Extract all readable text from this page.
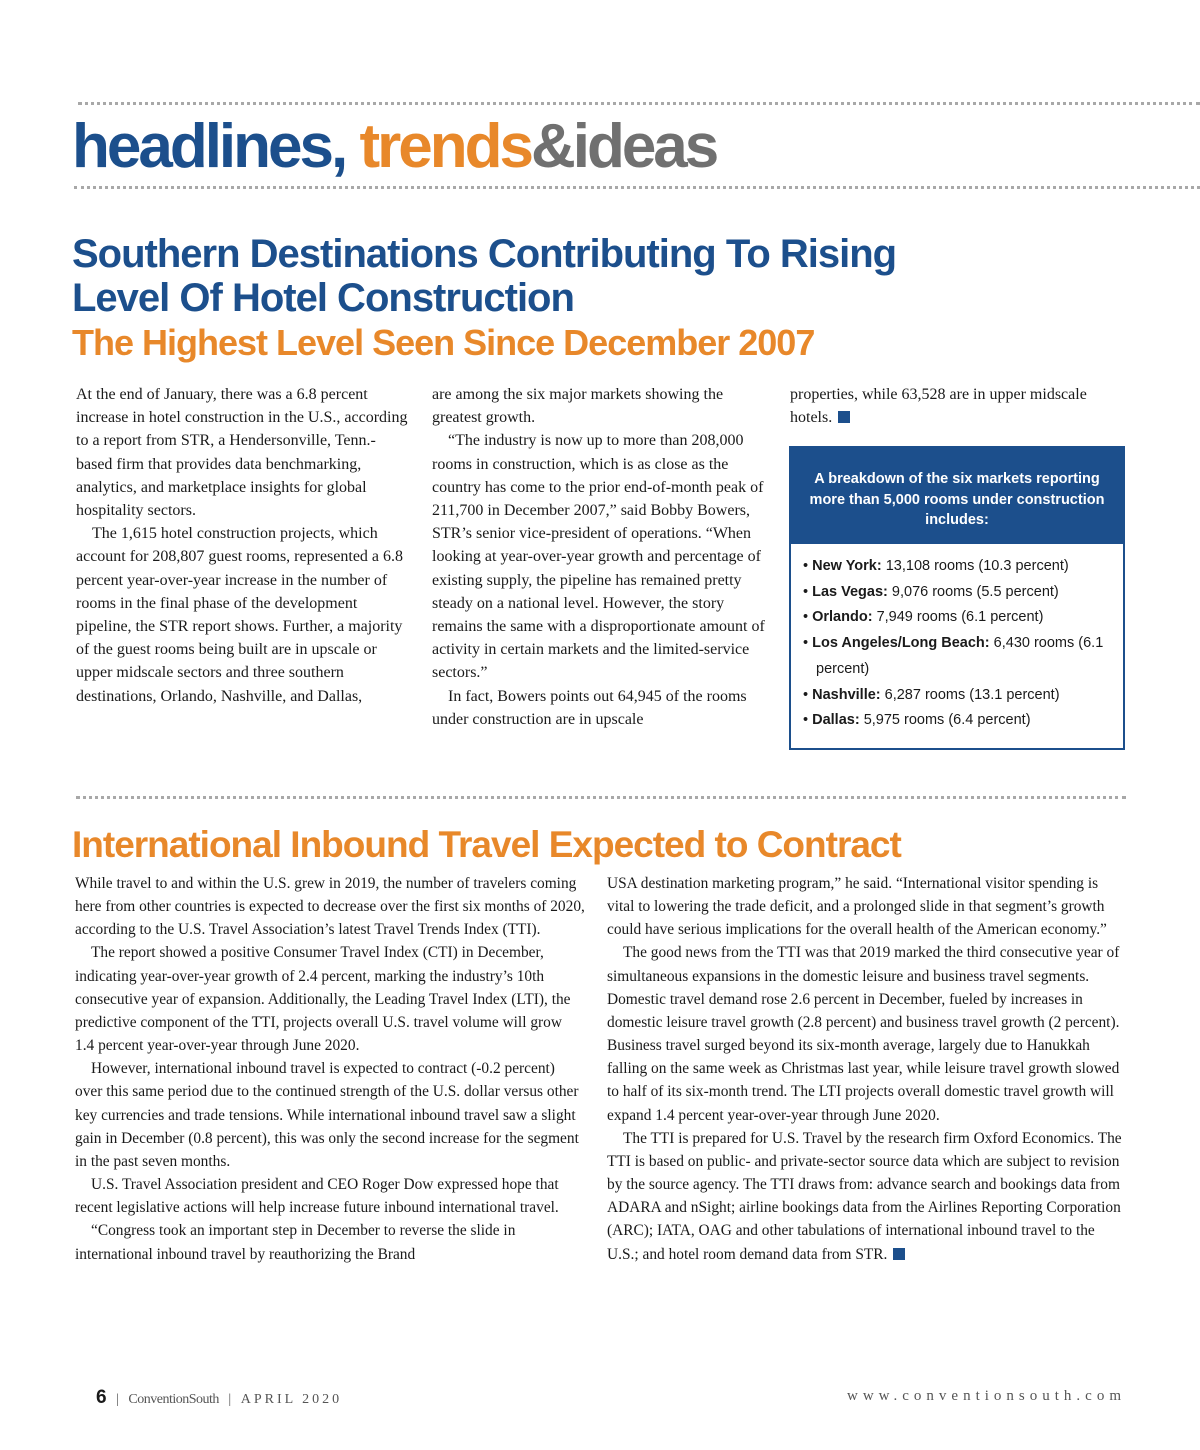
headlines, trends&ideas
Southern Destinations Contributing To Rising Level Of Hotel Construction
The Highest Level Seen Since December 2007

At the end of January, there was a 6.8 percent increase in hotel construction in the U.S., according to a report from STR, a Hendersonville, Tenn.-based firm that provides data benchmarking, analytics, and marketplace insights for global hospitality sectors.

The 1,615 hotel construction projects, which account for 208,807 guest rooms, represented a 6.8 percent year-over-year increase in the number of rooms in the final phase of the development pipeline, the STR report shows. Further, a majority of the guest rooms being built are in upscale or upper midscale sectors and three southern destinations, Orlando, Nashville, and Dallas,

are among the six major markets showing the greatest growth.

“The industry is now up to more than 208,000 rooms in construction, which is as close as the country has come to the prior end-of-month peak of 211,700 in December 2007,” said Bobby Bowers, STR’s senior vice-president of operations. “When looking at year-over-year growth and percentage of existing supply, the pipeline has remained pretty steady on a national level. However, the story remains the same with a disproportionate amount of activity in certain markets and the limited-service sectors.”

In fact, Bowers points out 64,945 of the rooms under construction are in upscale

properties, while 63,528 are in upper midscale hotels.

A breakdown of the six markets reporting more than 5,000 rooms under construction includes:
• New York: 13,108 rooms (10.3 percent)
• Las Vegas: 9,076 rooms (5.5 percent)
• Orlando: 7,949 rooms (6.1 percent)
• Los Angeles/Long Beach: 6,430 rooms (6.1 percent)
• Nashville: 6,287 rooms (13.1 percent)
• Dallas: 5,975 rooms (6.4 percent)
International Inbound Travel Expected to Contract

While travel to and within the U.S. grew in 2019, the number of travelers coming here from other countries is expected to decrease over the first six months of 2020, according to the U.S. Travel Association’s latest Travel Trends Index (TTI).

The report showed a positive Consumer Travel Index (CTI) in December, indicating year-over-year growth of 2.4 percent, marking the industry’s 10th consecutive year of expansion. Additionally, the Leading Travel Index (LTI), the predictive component of the TTI, projects overall U.S. travel volume will grow 1.4 percent year-over-year through June 2020.

However, international inbound travel is expected to contract (-0.2 percent) over this same period due to the continued strength of the U.S. dollar versus other key currencies and trade tensions. While international inbound travel saw a slight gain in December (0.8 percent), this was only the second increase for the segment in the past seven months.

U.S. Travel Association president and CEO Roger Dow expressed hope that recent legislative actions will help increase future inbound international travel.

“Congress took an important step in December to reverse the slide in international inbound travel by reauthorizing the Brand

USA destination marketing program,” he said. “International visitor spending is vital to lowering the trade deficit, and a prolonged slide in that segment’s growth could have serious implications for the overall health of the American economy.”

The good news from the TTI was that 2019 marked the third consecutive year of simultaneous expansions in the domestic leisure and business travel segments. Domestic travel demand rose 2.6 percent in December, fueled by increases in domestic leisure travel growth (2.8 percent) and business travel growth (2 percent). Business travel surged beyond its six-month average, largely due to Hanukkah falling on the same week as Christmas last year, while leisure travel growth slowed to half of its six-month trend. The LTI projects overall domestic travel growth will expand 1.4 percent year-over-year through June 2020.

The TTI is prepared for U.S. Travel by the research firm Oxford Economics. The TTI is based on public- and private-sector source data which are subject to revision by the source agency. The TTI draws from: advance search and bookings data from ADARA and nSight; airline bookings data from the Airlines Reporting Corporation (ARC); IATA, OAG and other tabulations of international inbound travel to the U.S.; and hotel room demand data from STR.

6 | ConventionSouth | APRIL 2020	www.conventionsouth.com
